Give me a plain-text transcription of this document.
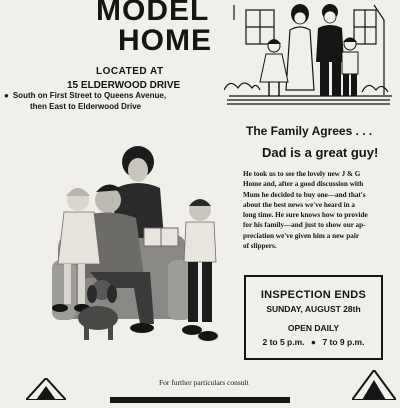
MODEL
HOME
LOCATED AT
15 ELDERWOOD DRIVE
● South on First Street to Queens Avenue,
then East to Elderwood Drive
The Family Agrees . . .
Dad is a great guy!
He took us to see the lovely new J & G
Home and, after a good discussion with
Mum he decided to buy one—and that's
about the best news we've heard in a
long time. He sure knows how to provide
for his family—and just to show our ap-
preciation we've given him a new pair
of slippers.
INSPECTION ENDS
SUNDAY, AUGUST 28th
OPEN DAILY
2 to 5 p.m. ● 7 to 9 p.m.
For further particulars consult
